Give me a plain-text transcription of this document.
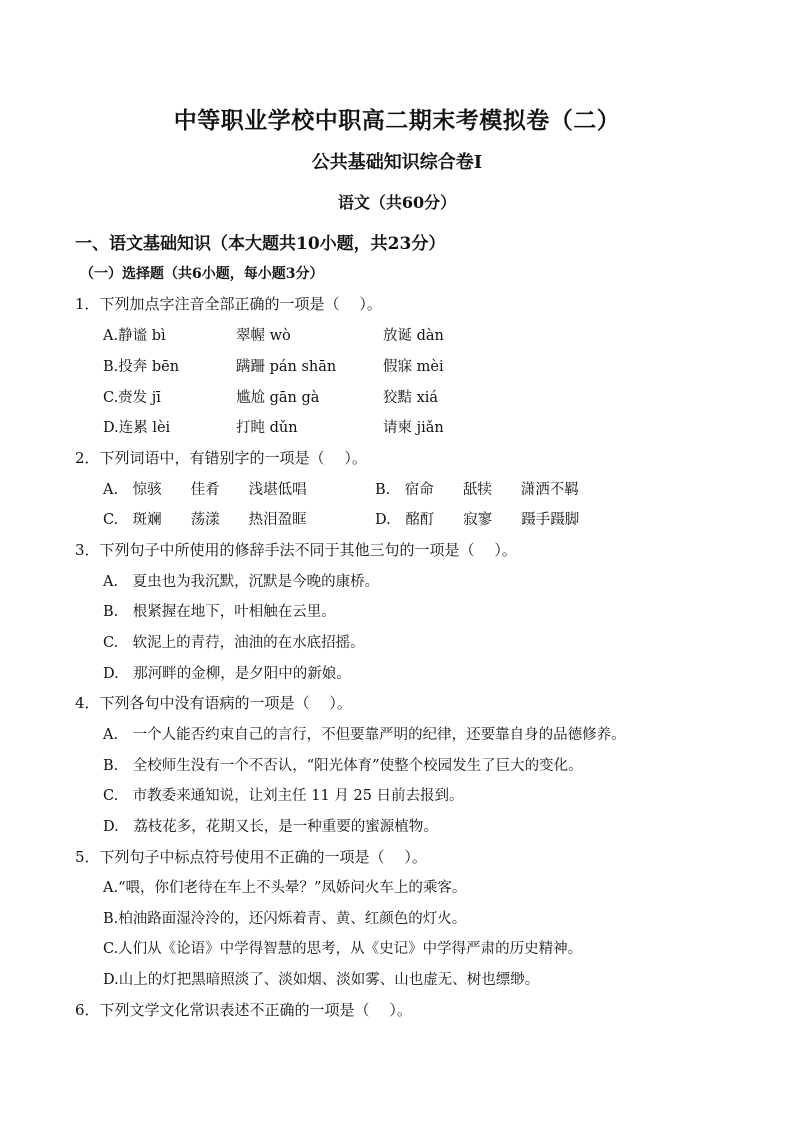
中等职业学校中职高二期末考模拟卷（二）
公共基础知识综合卷Ⅰ
语文（共60分）
一、语文基础知识（本大题共10小题，共23分）
（一）选择题（共6小题，每小题3分）
1．下列加点字注音全部正确的一项是（　 ）。
A.静谧 bì	翠幄 wò	放诞 dàn
B.投奔 bēn	蹒跚 pán shān	假寐 mèi
C.赍发 jī	尴尬 gān gà	狡黠 xiá
D.连累 lèi	打盹 dǔn	请柬 jiǎn
2．下列词语中，有错别字的一项是（　 ）。
A.　惊骇　　佳肴　　浅堪低唱	B.　宿命　　舐犊　　潇洒不羁
C.　斑斓　　荡漾　　热泪盈眶	D.　酩酊　　寂寥　　蹑手蹑脚
3．下列句子中所使用的修辞手法不同于其他三句的一项是（　 ）。
A.　夏虫也为我沉默，沉默是今晚的康桥。
B.　根紧握在地下，叶相触在云里。
C.　软泥上的青荇，油油的在水底招摇。
D.　那河畔的金柳，是夕阳中的新娘。
4．下列各句中没有语病的一项是（　 ）。
A.　一个人能否约束自己的言行，不但要靠严明的纪律，还要靠自身的品德修养。
B.　全校师生没有一个不否认，“阳光体育”使整个校园发生了巨大的变化。
C.　市教委来通知说，让刘主任 11 月 25 日前去报到。
D.　荔枝花多，花期又长，是一种重要的蜜源植物。
5．下列句子中标点符号使用不正确的一项是（　 ）。
A.“喂，你们老待在车上不头晕？”凤娇问火车上的乘客。
B.柏油路面湿泠泠的，还闪烁着青、黄、红颜色的灯火。
C.人们从《论语》中学得智慧的思考，从《史记》中学得严肃的历史精神。
D.山上的灯把黑暗照淡了、淡如烟、淡如雾、山也虚无、树也缥缈。
6．下列文学文化常识表述不正确的一项是（　 ）。
